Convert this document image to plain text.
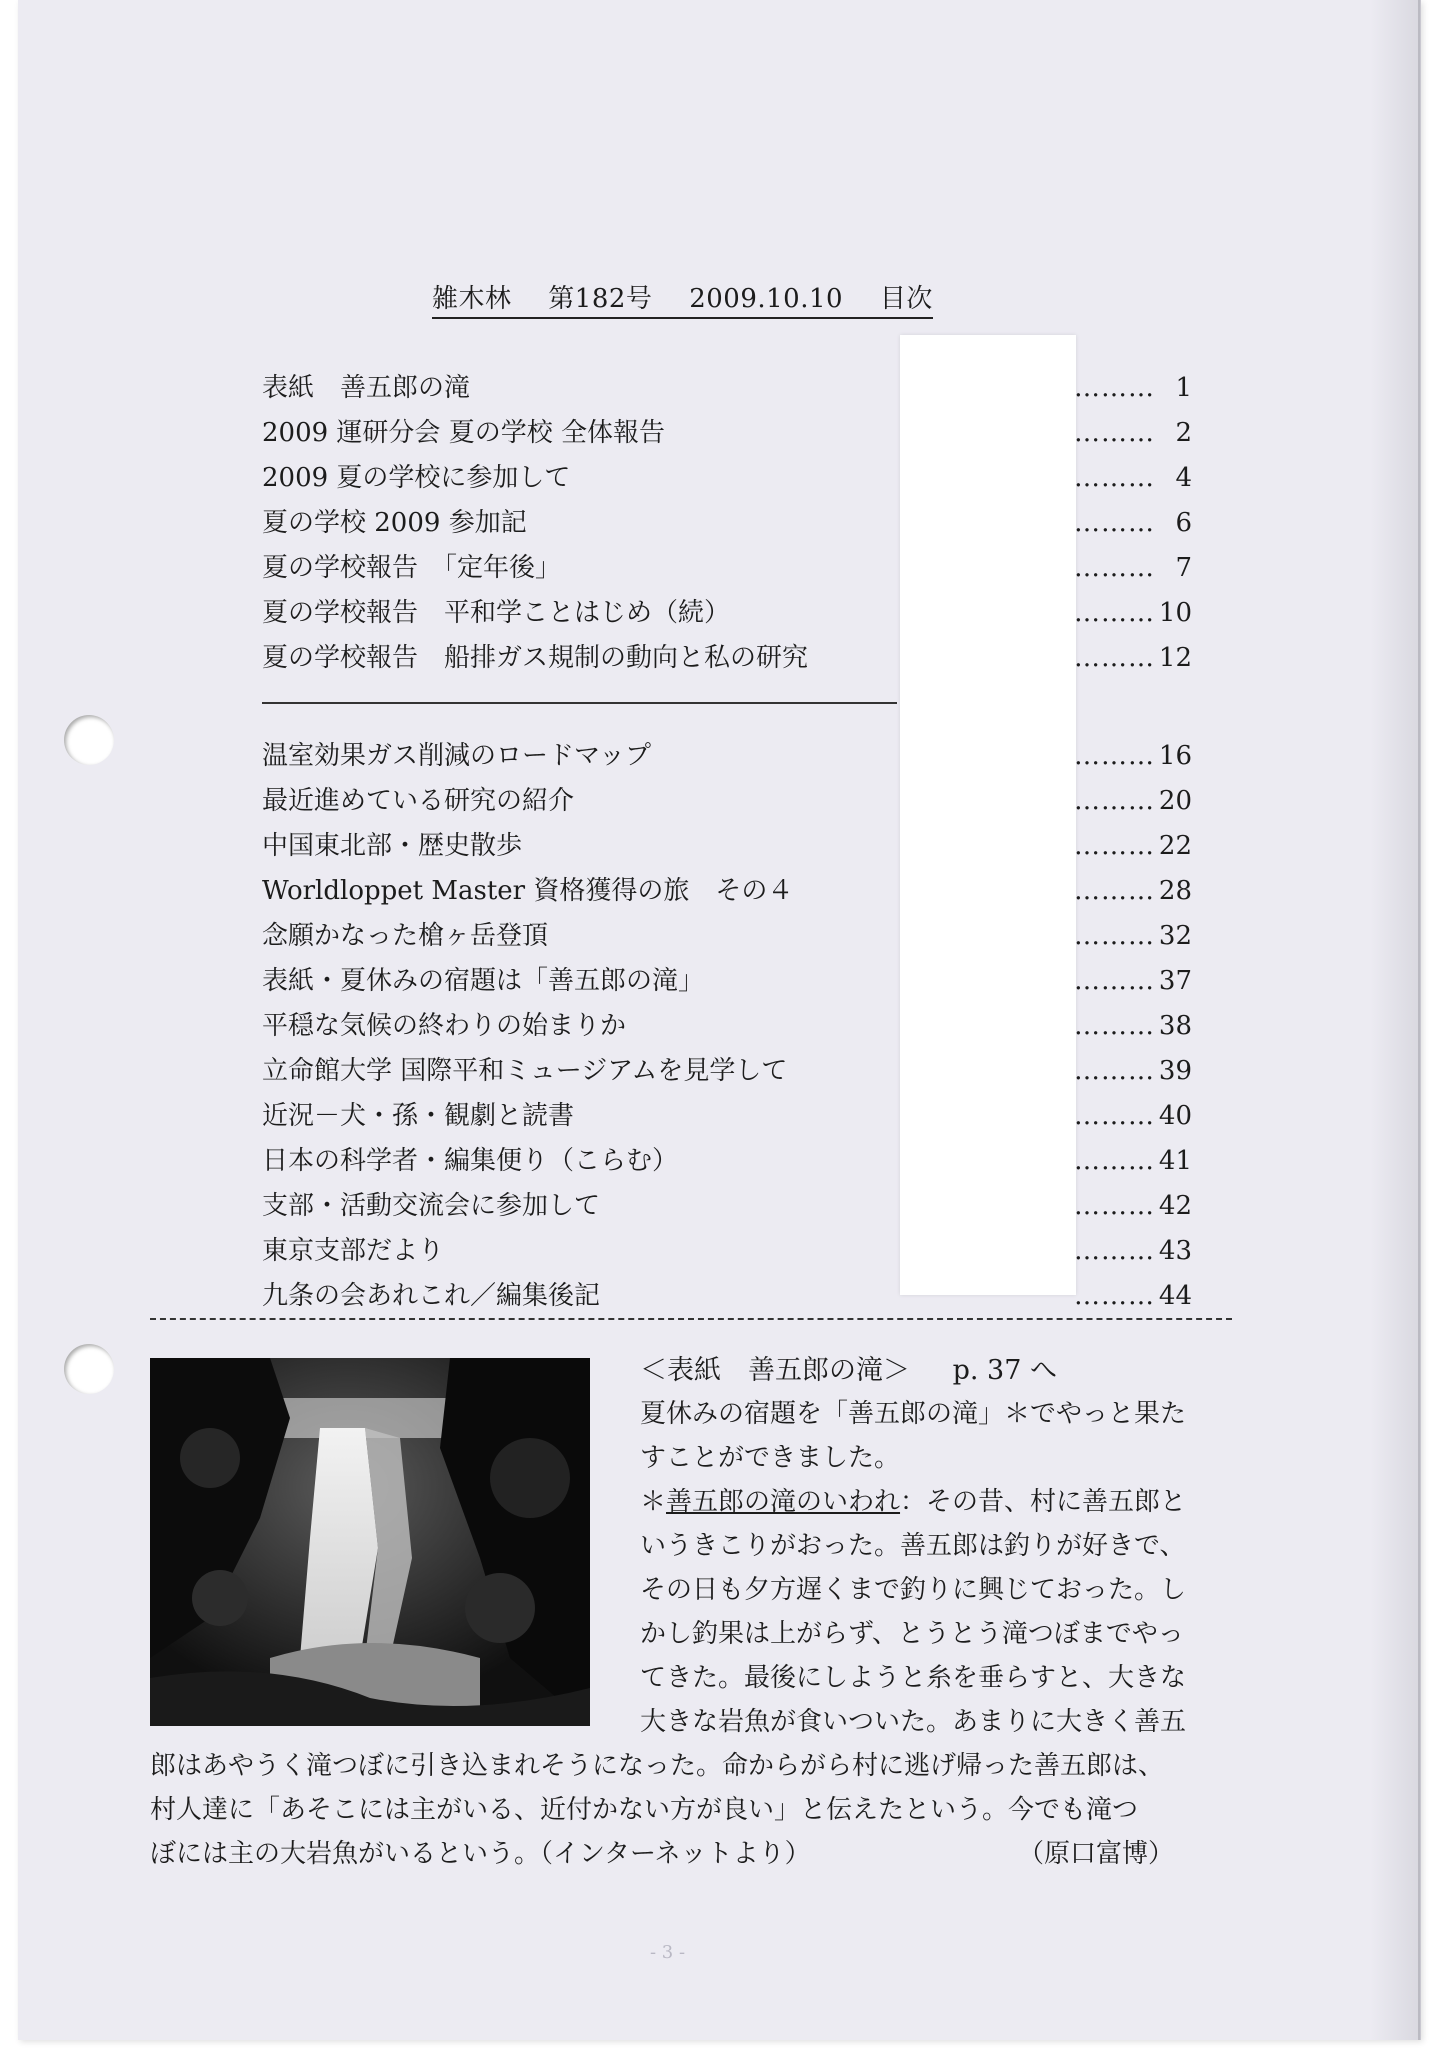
雑木林 第182号 2009.10.10 目次
表紙　善五郎の滝	……… 1
2009 運研分会 夏の学校 全体報告	……… 2
2009 夏の学校に参加して	……… 4
夏の学校 2009 参加記	……… 6
夏の学校報告　「定年後」	……… 7
夏の学校報告　平和学ことはじめ（続）	……… 10
夏の学校報告　船排ガス規制の動向と私の研究	……… 12
温室効果ガス削減のロードマップ	……… 16
最近進めている研究の紹介	……… 20
中国東北部・歴史散歩	……… 22
Worldloppet Master 資格獲得の旅　その４	……… 28
念願かなった槍ヶ岳登頂	……… 32
表紙・夏休みの宿題は「善五郎の滝」	……… 37
平穏な気候の終わりの始まりか	……… 38
立命館大学 国際平和ミュージアムを見学して	……… 39
近況－犬・孫・観劇と読書	……… 40
日本の科学者・編集便り（こらむ）	……… 41
支部・活動交流会に参加して	……… 42
東京支部だより	……… 43
九条の会あれこれ／編集後記	……… 44
＜表紙　善五郎の滝＞ p. 37 へ

夏休みの宿題を「善五郎の滝」＊でやっと果た

すことができました。

＊善五郎の滝のいわれ：その昔、村に善五郎と

いうきこりがおった。善五郎は釣りが好きで、

その日も夕方遅くまで釣りに興じておった。し

かし釣果は上がらず、とうとう滝つぼまでやっ

てきた。最後にしようと糸を垂らすと、大きな

大きな岩魚が食いついた。あまりに大きく善五

郎はあやうく滝つぼに引き込まれそうになった。命からがら村に逃げ帰った善五郎は、
村人達に「あそこには主がいる、近付かない方が良い」と伝えたという。今でも滝つ
ぼには主の大岩魚がいるという。（インターネットより）	（原口富博）
- 3 -
